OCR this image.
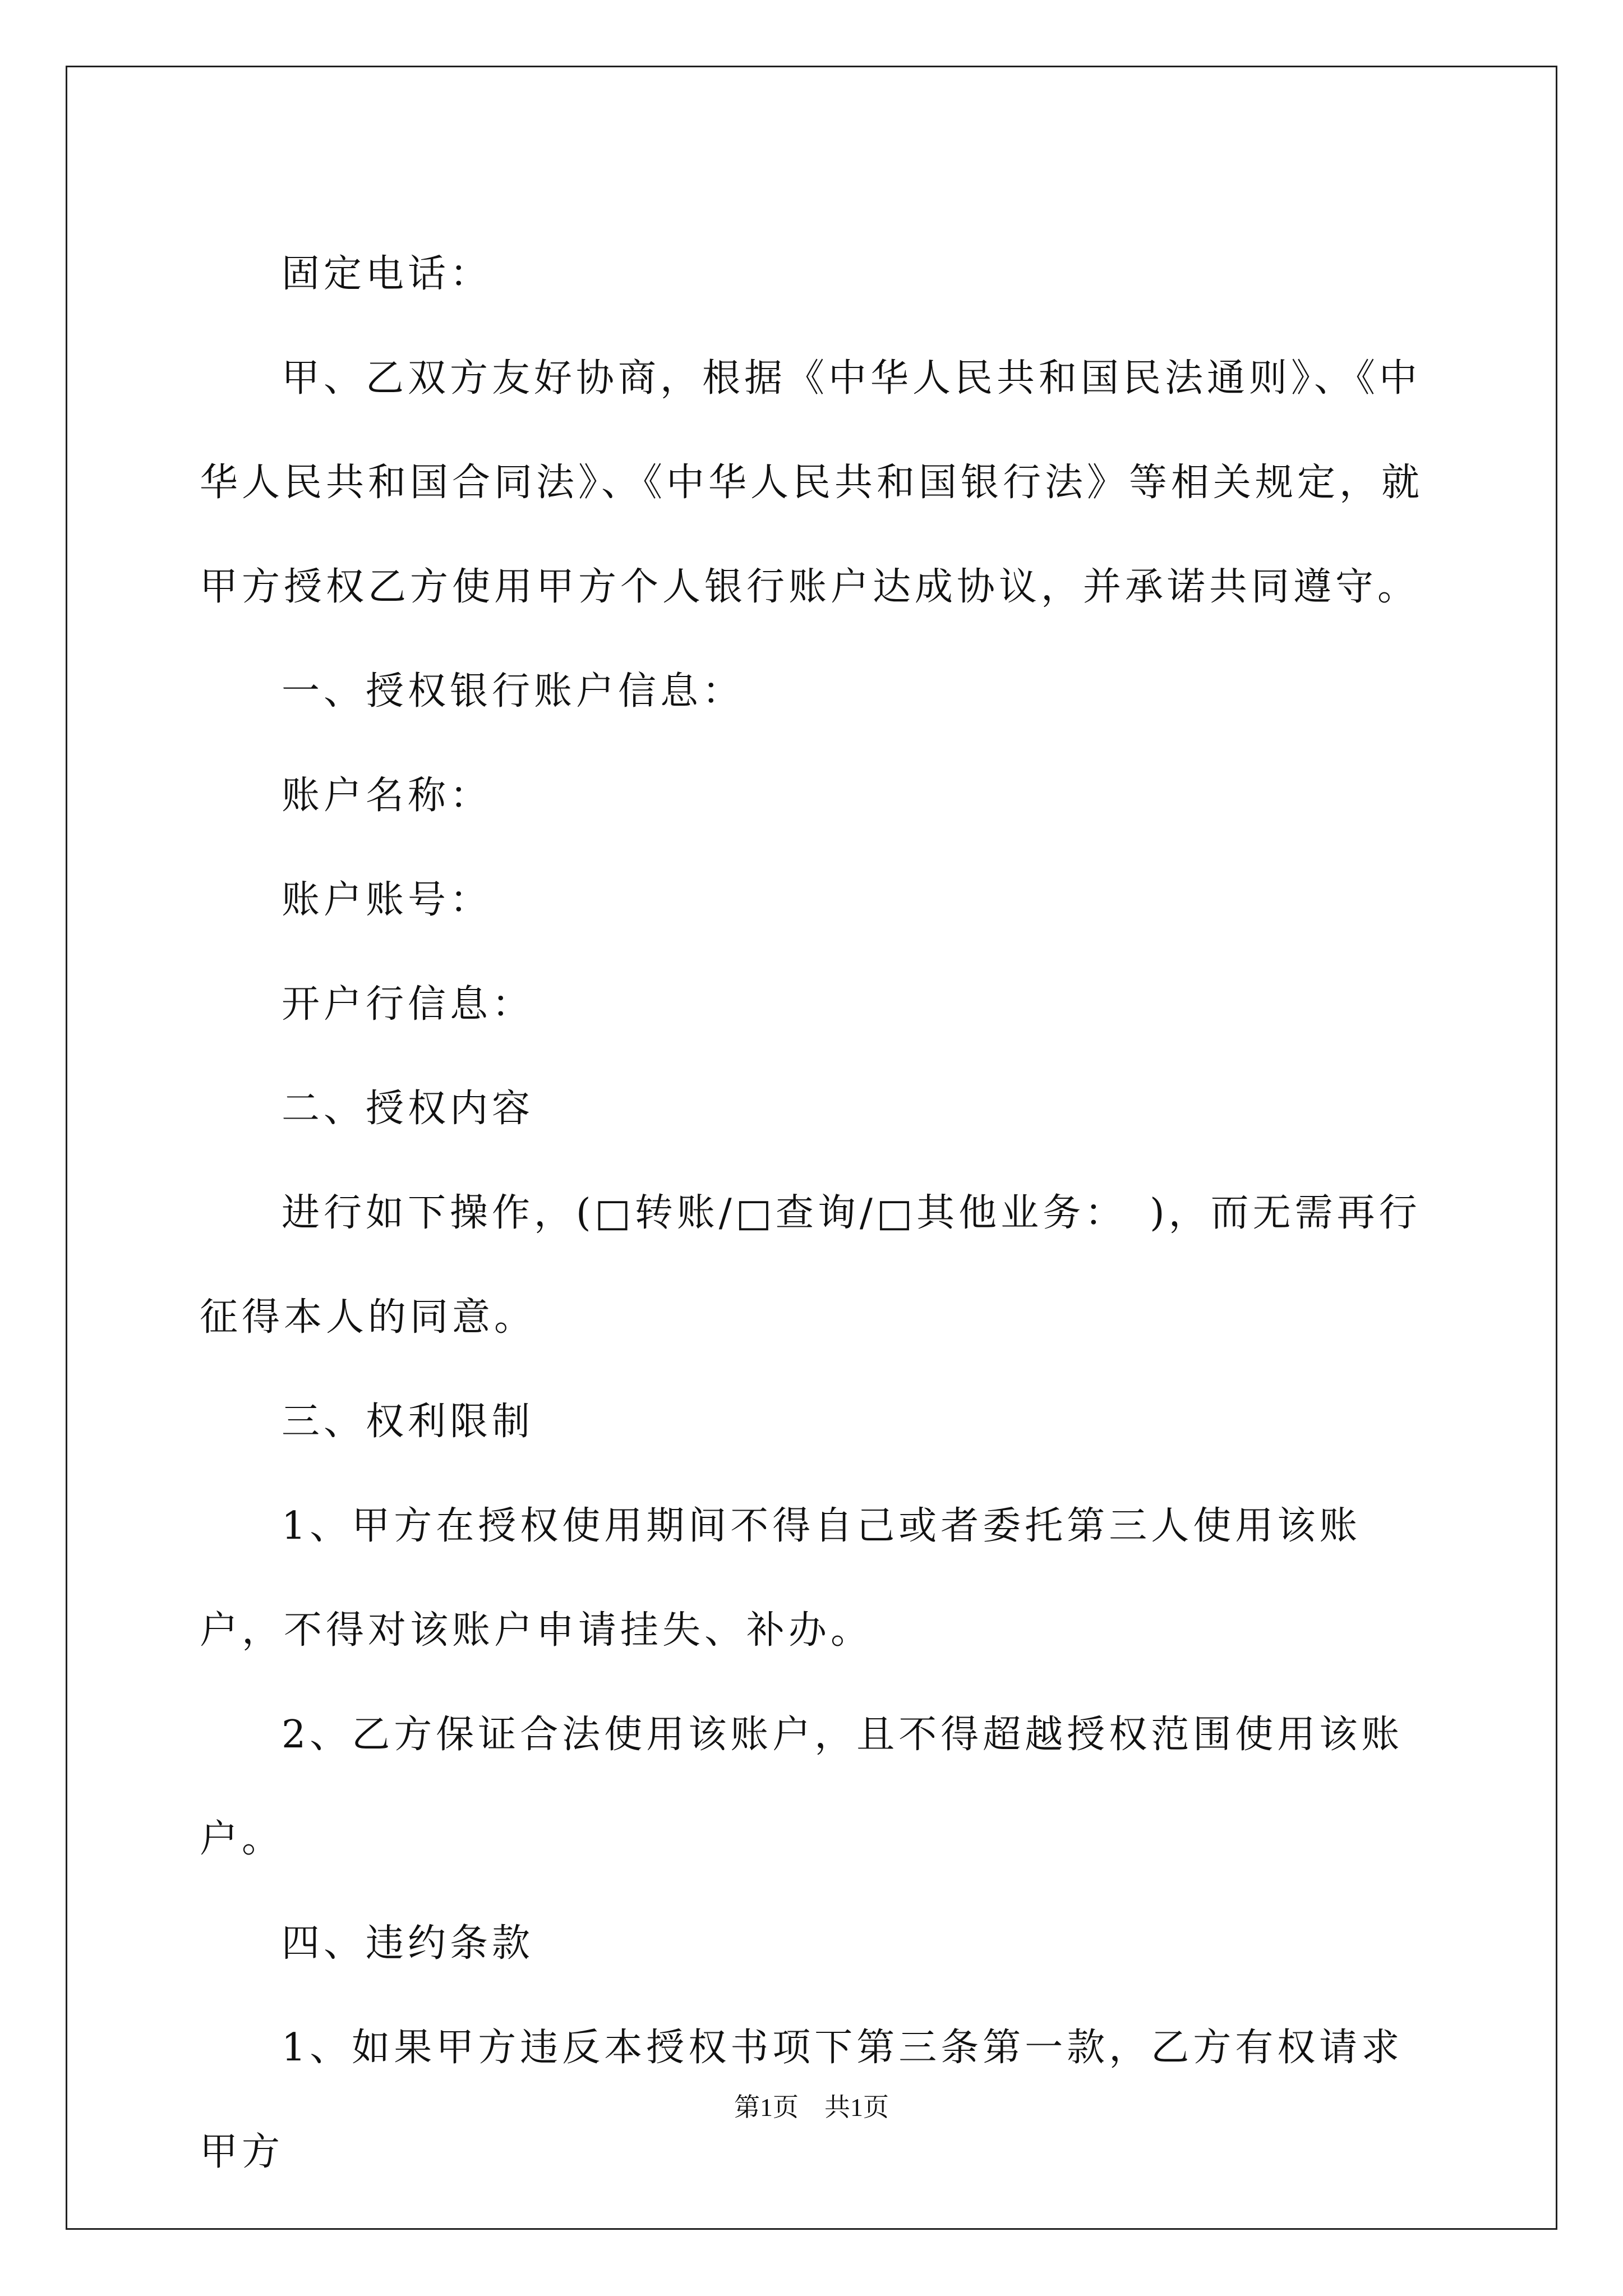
固定电话：

甲、乙双方友好协商，根据《中华人民共和国民法通则》、《中华人民共和国合同法》、《中华人民共和国银行法》等相关规定，就甲方授权乙方使用甲方个人银行账户达成协议，并承诺共同遵守。

一、授权银行账户信息：

账户名称：

账户账号：

开户行信息：

二、授权内容

进行如下操作，(□转账/□查询/□其他业务：　)，而无需再行征得本人的同意。

三、权利限制

1、甲方在授权使用期间不得自己或者委托第三人使用该账户，不得对该账户申请挂失、补办。

2、乙方保证合法使用该账户，且不得超越授权范围使用该账户。

四、违约条款

1、如果甲方违反本授权书项下第三条第一款，乙方有权请求甲方

第1页　共1页
